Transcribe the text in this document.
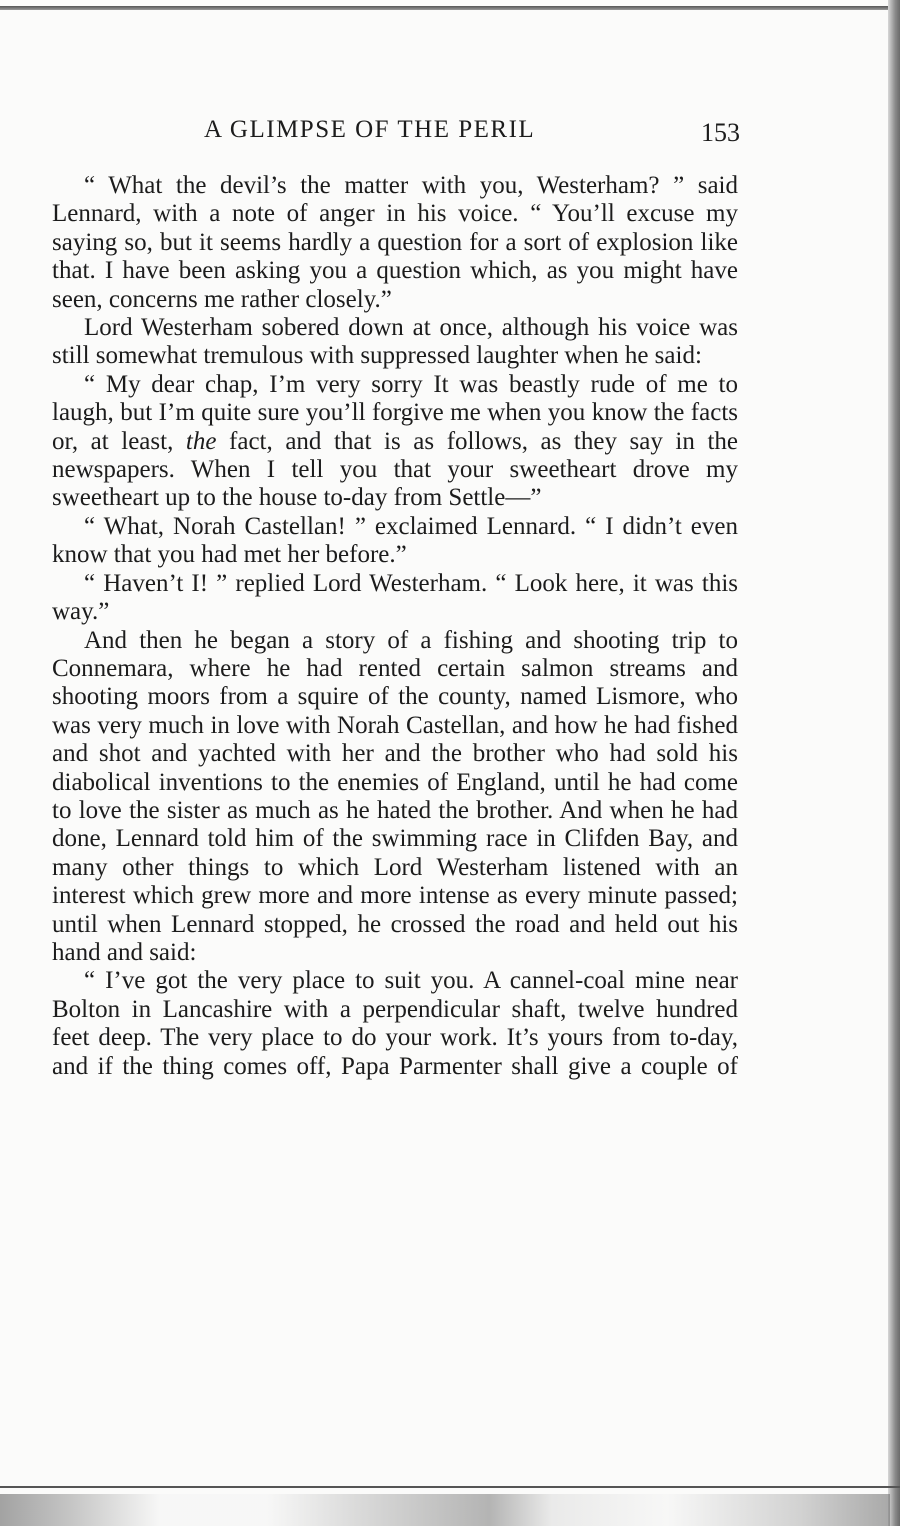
A GLIMPSE OF THE PERIL	153

“ What the devil’s the matter with you, Westerham? ” said Lennard, with a note of anger in his voice. “ You’ll excuse my saying so, but it seems hardly a question for a sort of explosion like that. I have been asking you a question which, as you might have seen, concerns me rather closely.”

Lord Westerham sobered down at once, although his voice was still somewhat tremulous with suppressed laughter when he said:

“ My dear chap, I’m very sorry It was beastly rude of me to laugh, but I’m quite sure you’ll forgive me when you know the facts or, at least, the fact, and that is as follows, as they say in the newspapers. When I tell you that your sweetheart drove my sweetheart up to the house to-day from Settle—”

“ What, Norah Castellan! ” exclaimed Lennard. “ I didn’t even know that you had met her before.”

“ Haven’t I! ” replied Lord Westerham. “ Look here, it was this way.”

And then he began a story of a fishing and shooting trip to Connemara, where he had rented certain salmon streams and shooting moors from a squire of the county, named Lismore, who was very much in love with Norah Castellan, and how he had fished and shot and yachted with her and the brother who had sold his diabolical inventions to the enemies of England, until he had come to love the sister as much as he hated the brother. And when he had done, Lennard told him of the swimming race in Clifden Bay, and many other things to which Lord Westerham listened with an interest which grew more and more intense as every minute passed; until when Lennard stopped, he crossed the road and held out his hand and said:

“ I’ve got the very place to suit you. A cannel-coal mine near Bolton in Lancashire with a perpendicular shaft, twelve hundred feet deep. The very place to do your work. It’s yours from to-day, and if the thing comes off, Papa Parmenter shall give a couple of
